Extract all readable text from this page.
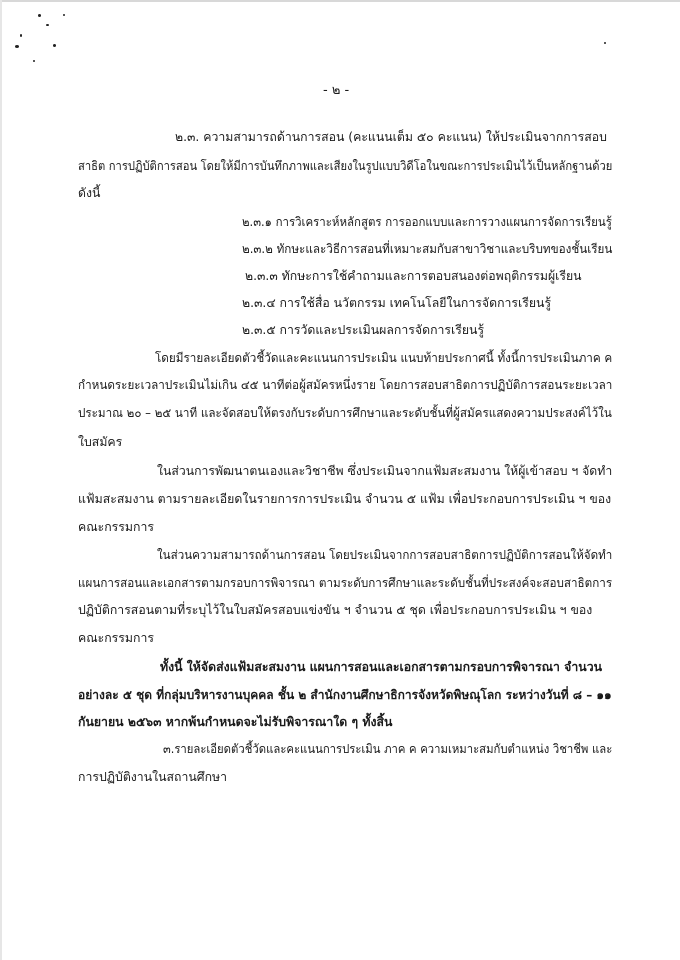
- ๒ -
๒.๓. ความสามารถด้านการสอน (คะแนนเต็ม ๕๐ คะแนน) ให้ประเมินจากการสอบ
สาธิต การปฏิบัติการสอน โดยให้มีการบันทึกภาพและเสียงในรูปแบบวิดีโอในขณะการประเมินไว้เป็นหลักฐานด้วย
ดังนี้
๒.๓.๑ การวิเคราะห์หลักสูตร การออกแบบและการวางแผนการจัดการเรียนรู้
๒.๓.๒ ทักษะและวิธีการสอนที่เหมาะสมกับสาขาวิชาและบริบทของชั้นเรียน
๒.๓.๓ ทักษะการใช้คำถามและการตอบสนองต่อพฤติกรรมผู้เรียน
๒.๓.๔ การใช้สื่อ นวัตกรรม เทคโนโลยีในการจัดการเรียนรู้
๒.๓.๕ การวัดและประเมินผลการจัดการเรียนรู้
โดยมีรายละเอียดตัวชี้วัดและคะแนนการประเมิน แนบท้ายประกาศนี้ ทั้งนี้การประเมินภาค ค
กำหนดระยะเวลาประเมินไม่เกิน ๔๕ นาทีต่อผู้สมัครหนึ่งราย โดยการสอบสาธิตการปฏิบัติการสอนระยะเวลา
ประมาณ ๒๐ – ๒๕ นาที และจัดสอบให้ตรงกับระดับการศึกษาและระดับชั้นที่ผู้สมัครแสดงความประสงค์ไว้ใน
ใบสมัคร
ในส่วนการพัฒนาตนเองและวิชาชีพ ซึ่งประเมินจากแฟ้มสะสมงาน ให้ผู้เข้าสอบ ฯ จัดทำ
แฟ้มสะสมงาน ตามรายละเอียดในรายการการประเมิน จำนวน ๕ แฟ้ม เพื่อประกอบการประเมิน ฯ ของ
คณะกรรมการ
ในส่วนความสามารถด้านการสอน โดยประเมินจากการสอบสาธิตการปฏิบัติการสอนให้จัดทำ
แผนการสอนและเอกสารตามกรอบการพิจารณา ตามระดับการศึกษาและระดับชั้นที่ประสงค์จะสอบสาธิตการ
ปฏิบัติการสอนตามที่ระบุไว้ในใบสมัครสอบแข่งขัน ฯ จำนวน ๕ ชุด เพื่อประกอบการประเมิน ฯ ของ
คณะกรรมการ
ทั้งนี้ ให้จัดส่งแฟ้มสะสมงาน แผนการสอนและเอกสารตามกรอบการพิจารณา จำนวน
อย่างละ ๕ ชุด ที่กลุ่มบริหารงานบุคคล ชั้น ๒ สำนักงานศึกษาธิการจังหวัดพิษณุโลก ระหว่างวันที่ ๘ – ๑๑
กันยายน ๒๕๖๓ หากพ้นกำหนดจะไม่รับพิจารณาใด ๆ ทั้งสิ้น
๓.รายละเอียดตัวชี้วัดและคะแนนการประเมิน ภาค ค ความเหมาะสมกับตำแหน่ง วิชาชีพ และ
การปฏิบัติงานในสถานศึกษา
